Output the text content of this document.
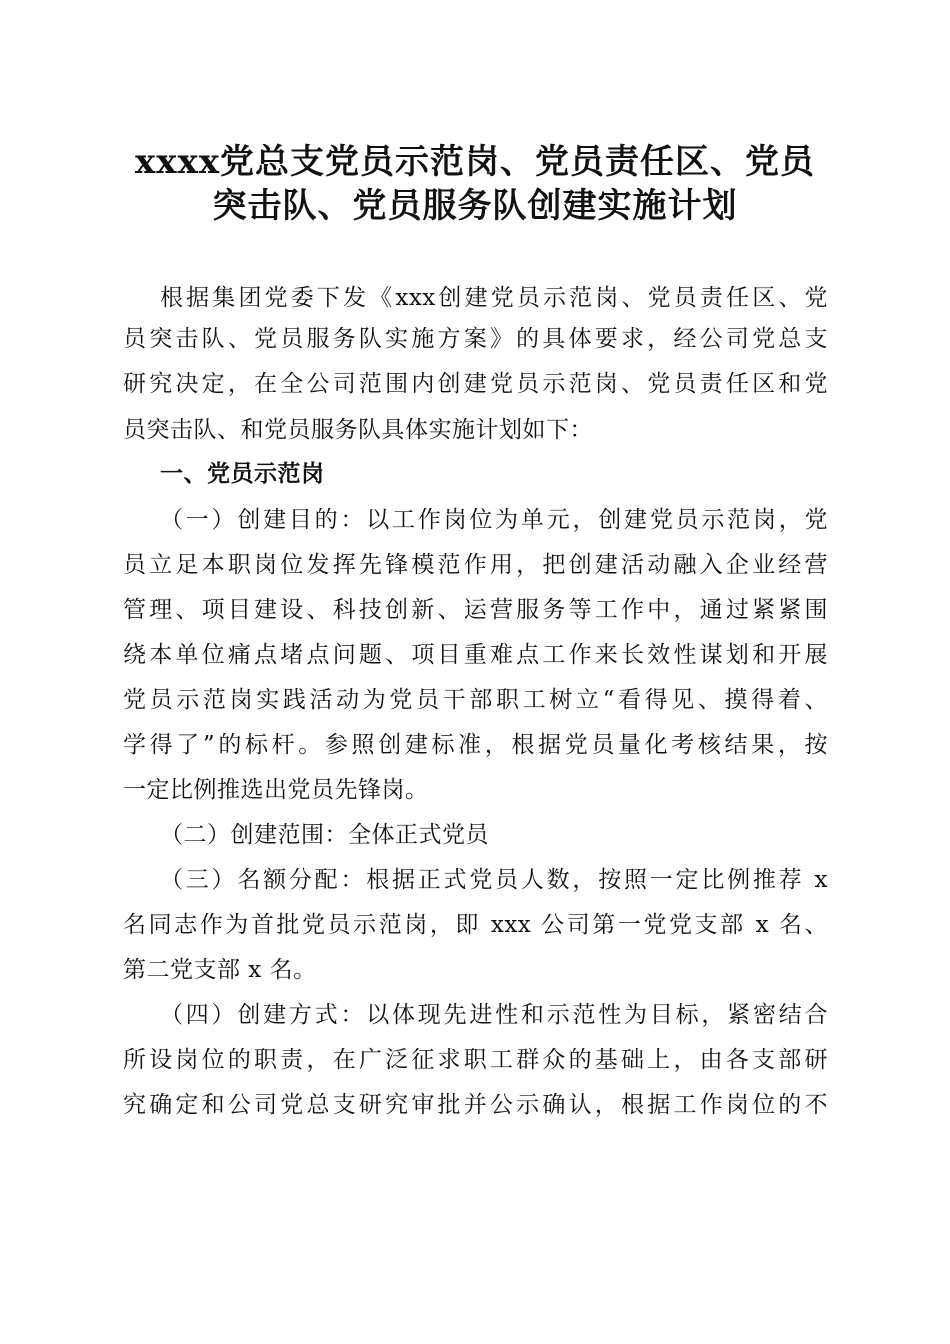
xxxx党总支党员示范岗、党员责任区、党员
突击队、党员服务队创建实施计划
根据集团党委下发《xxx创建党员示范岗、党员责任区、党
员突击队、党员服务队实施方案》的具体要求，经公司党总支
研究决定，在全公司范围内创建党员示范岗、党员责任区和党
员突击队、和党员服务队具体实施计划如下：
一、党员示范岗
（一）创建目的：以工作岗位为单元，创建党员示范岗，党
员立足本职岗位发挥先锋模范作用，把创建活动融入企业经营
管理、项目建设、科技创新、运营服务等工作中，通过紧紧围
绕本单位痛点堵点问题、项目重难点工作来长效性谋划和开展
党员示范岗实践活动为党员干部职工树立“看得见、摸得着、
学得了”的标杆。参照创建标准，根据党员量化考核结果，按
一定比例推选出党员先锋岗。
（二）创建范围：全体正式党员
（三）名额分配：根据正式党员人数，按照一定比例推荐 x
名同志作为首批党员示范岗，即 xxx 公司第一党党支部 x 名、
第二党支部 x 名。
（四）创建方式：以体现先进性和示范性为目标，紧密结合
所设岗位的职责，在广泛征求职工群众的基础上，由各支部研
究确定和公司党总支研究审批并公示确认，根据工作岗位的不
